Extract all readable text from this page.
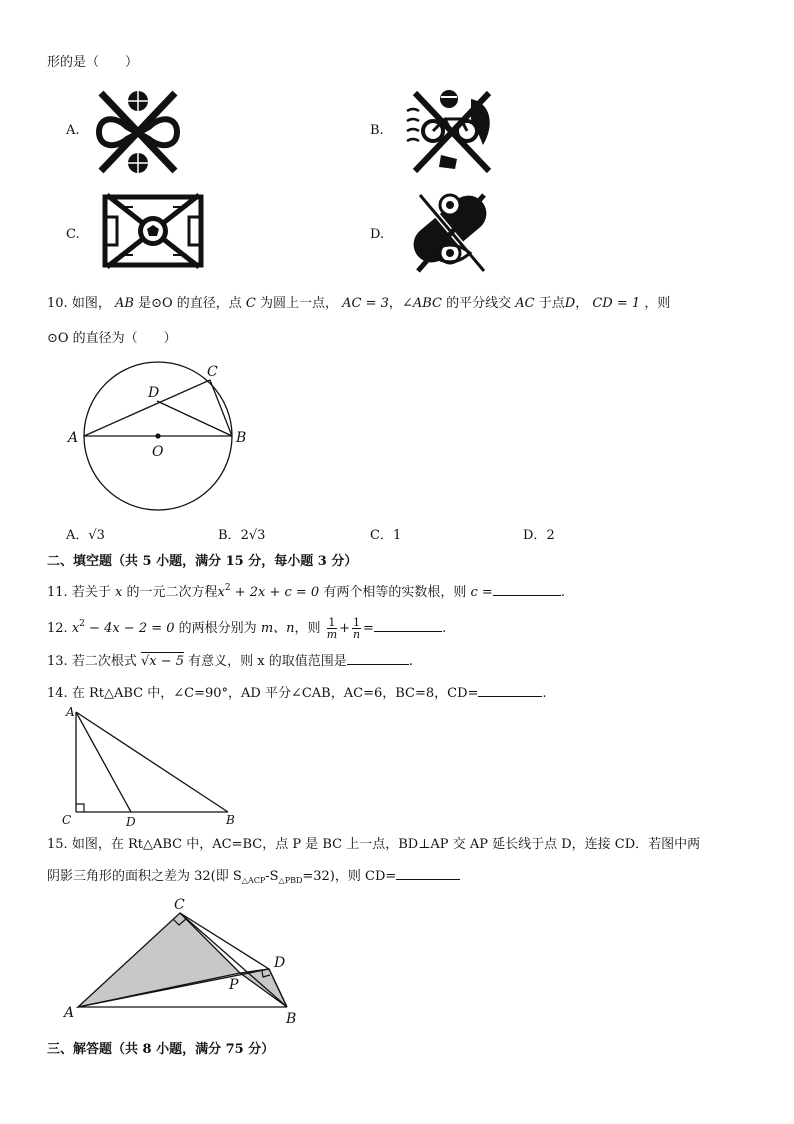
形的是（　　）
A.	B.
C.	D.
10. 如图， AB 是⊙O 的直径，点 C 为圆上一点， AC = 3，∠ABC 的平分线交 AC 于点D， CD = 1 ，则
⊙O 的直径为（　　）
A	B
C
D
O
A．√3	B．2√3	C．1	D．2
二、填空题（共 5 小题，满分 15 分，每小题 3 分）
11. 若关于 x 的一元二次方程$x^2 + 2x + c = 0$ 有两个相等的实数根，则 c =	.
12. $x^2 - 4x - 2 = 0$ 的两根分别为 m、n，则 $\frac{1}{m} + \frac{1}{n}$ =	.
13. 若二次根式 √x − 5 有意义，则 x 的取值范围是	.
14. 在 Rt△ABC 中，∠C=90°，AD 平分∠CAB，AC=6，BC=8，CD=	.
A
C	D	B
15. 如图，在 Rt△ABC 中，AC=BC，点 P 是 BC 上一点，BD⊥AP 交 AP 延长线于点 D，连接 CD．若图中两
阴影三角形的面积之差为 32(即 $S_{\triangle ACP}-S_{\triangle PBD}=32$)，则 CD=
A
C
D
P
B
三、解答题（共 8 小题，满分 75 分）
